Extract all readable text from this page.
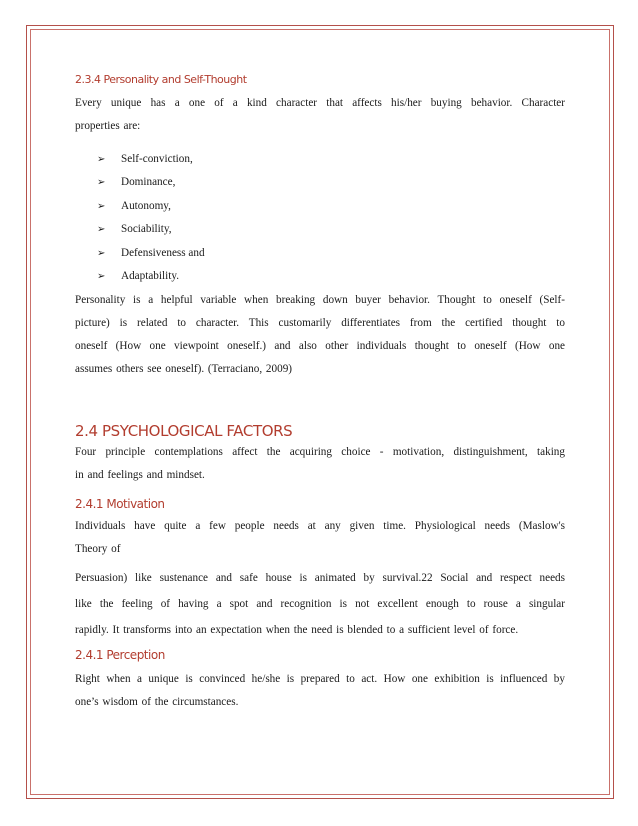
2.3.4 Personality and Self-Thought

Every unique has a one of a kind character that affects his/her buying behavior. Character

properties are:

➢ Self-conviction,
➢ Dominance,
➢ Autonomy,
➢ Sociability,
➢ Defensiveness and
➢ Adaptability.

Personality is a helpful variable when breaking down buyer behavior. Thought to oneself (Self-

picture) is related to character. This customarily differentiates from the certified thought to

oneself (How one viewpoint oneself.) and also other individuals thought to oneself (How one

assumes others see oneself). (Terraciano, 2009)

2.4 PSYCHOLOGICAL FACTORS

Four principle contemplations affect the acquiring choice - motivation, distinguishment, taking

in and feelings and mindset.

2.4.1 Motivation

Individuals have quite a few people needs at any given time. Physiological needs (Maslow's

Theory of

Persuasion) like sustenance and safe house is animated by survival.22 Social and respect needs

like the feeling of having a spot and recognition is not excellent enough to rouse a singular

rapidly. It transforms into an expectation when the need is blended to a sufficient level of force.

2.4.1 Perception

Right when a unique is convinced he/she is prepared to act. How one exhibition is influenced by

one’s wisdom of the circumstances.
